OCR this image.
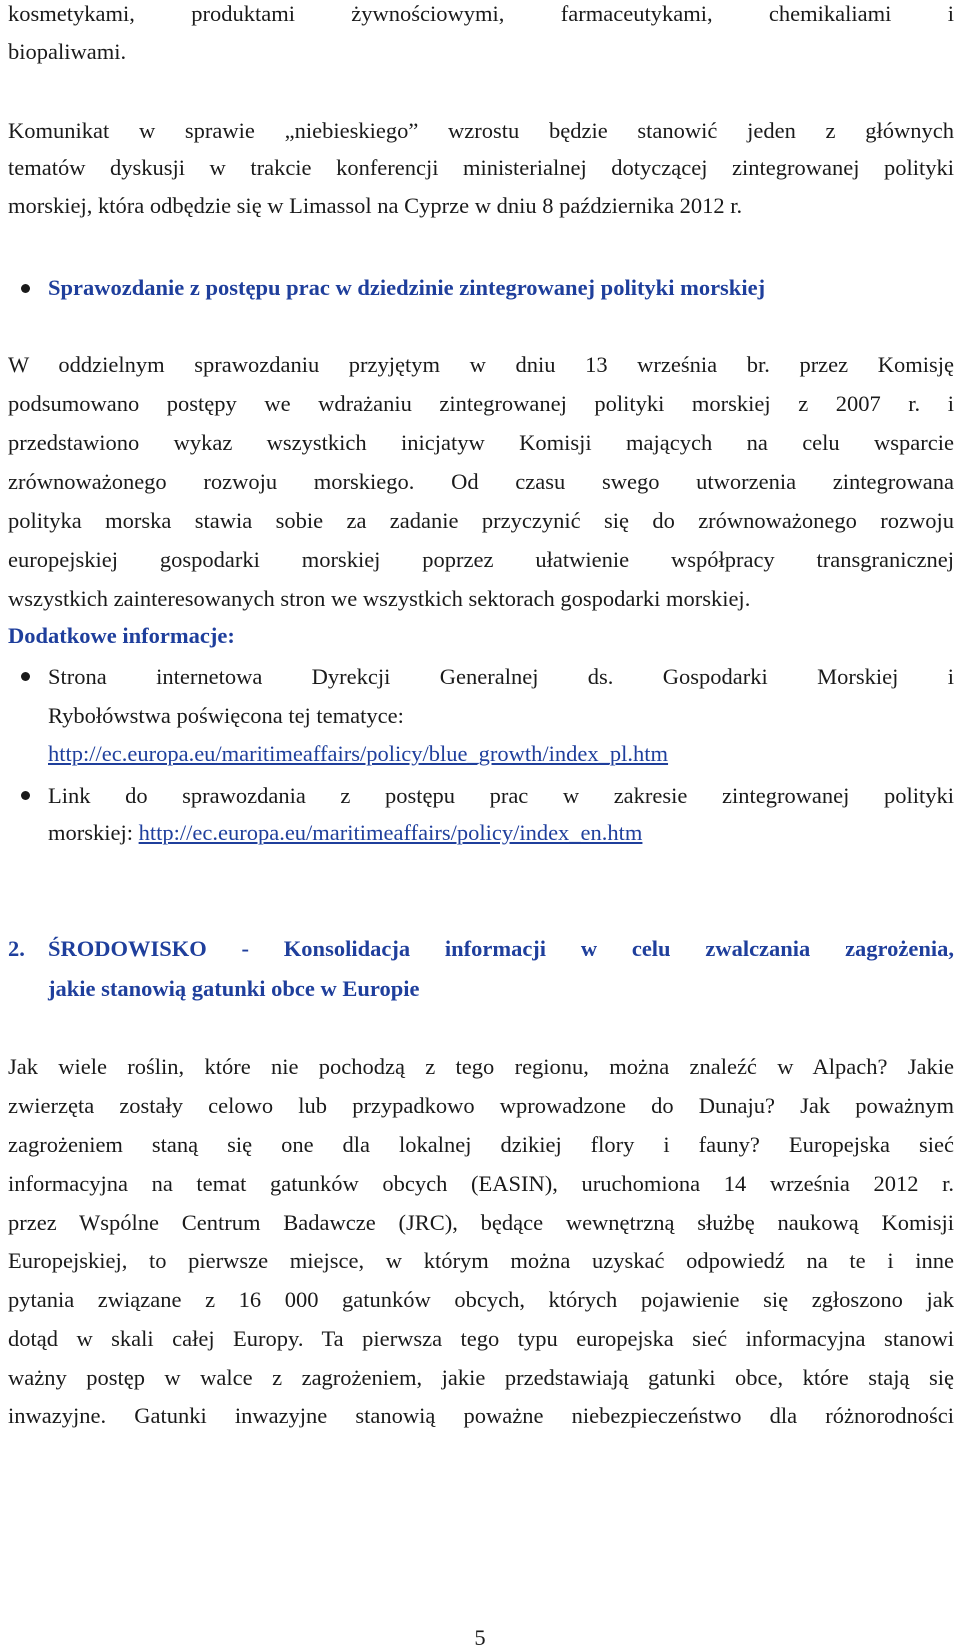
kosmetykami, produktami żywnościowymi, farmaceutykami, chemikaliami i

biopaliwami.

Komunikat w sprawie „niebieskiego” wzrostu będzie stanowić jeden z głównych

tematów dyskusji w trakcie konferencji ministerialnej dotyczącej zintegrowanej polityki

morskiej, która odbędzie się w Limassol na Cyprze w dniu 8 października 2012 r.

Sprawozdanie z postępu prac w dziedzinie zintegrowanej polityki morskiej

W oddzielnym sprawozdaniu przyjętym w dniu 13 września br. przez Komisję

podsumowano postępy we wdrażaniu zintegrowanej polityki morskiej z 2007 r. i

przedstawiono wykaz wszystkich inicjatyw Komisji mających na celu wsparcie

zrównoważonego rozwoju morskiego. Od czasu swego utworzenia zintegrowana

polityka morska stawia sobie za zadanie przyczynić się do zrównoważonego rozwoju

europejskiej gospodarki morskiej poprzez ułatwienie współpracy transgranicznej

wszystkich zainteresowanych stron we wszystkich sektorach gospodarki morskiej.

Dodatkowe informacje:

Strona internetowa Dyrekcji Generalnej ds. Gospodarki Morskiej i

Rybołówstwa poświęcona tej tematyce:

http://ec.europa.eu/maritimeaffairs/policy/blue_growth/index_pl.htm

Link do sprawozdania z postępu prac w zakresie zintegrowanej polityki

morskiej: http://ec.europa.eu/maritimeaffairs/policy/index_en.htm

2. ŚRODOWISKO - Konsolidacja informacji w celu zwalczania zagrożenia,

jakie stanowią gatunki obce w Europie

Jak wiele roślin, które nie pochodzą z tego regionu, można znaleźć w Alpach? Jakie

zwierzęta zostały celowo lub przypadkowo wprowadzone do Dunaju? Jak poważnym

zagrożeniem staną się one dla lokalnej dzikiej flory i fauny? Europejska sieć

informacyjna na temat gatunków obcych (EASIN), uruchomiona 14 września 2012 r.

przez Wspólne Centrum Badawcze (JRC), będące wewnętrzną służbę naukową Komisji

Europejskiej, to pierwsze miejsce, w którym można uzyskać odpowiedź na te i inne

pytania związane z 16 000 gatunków obcych, których pojawienie się zgłoszono jak

dotąd w skali całej Europy. Ta pierwsza tego typu europejska sieć informacyjna stanowi

ważny postęp w walce z zagrożeniem, jakie przedstawiają gatunki obce, które stają się

inwazyjne. Gatunki inwazyjne stanowią poważne niebezpieczeństwo dla różnorodności

5
